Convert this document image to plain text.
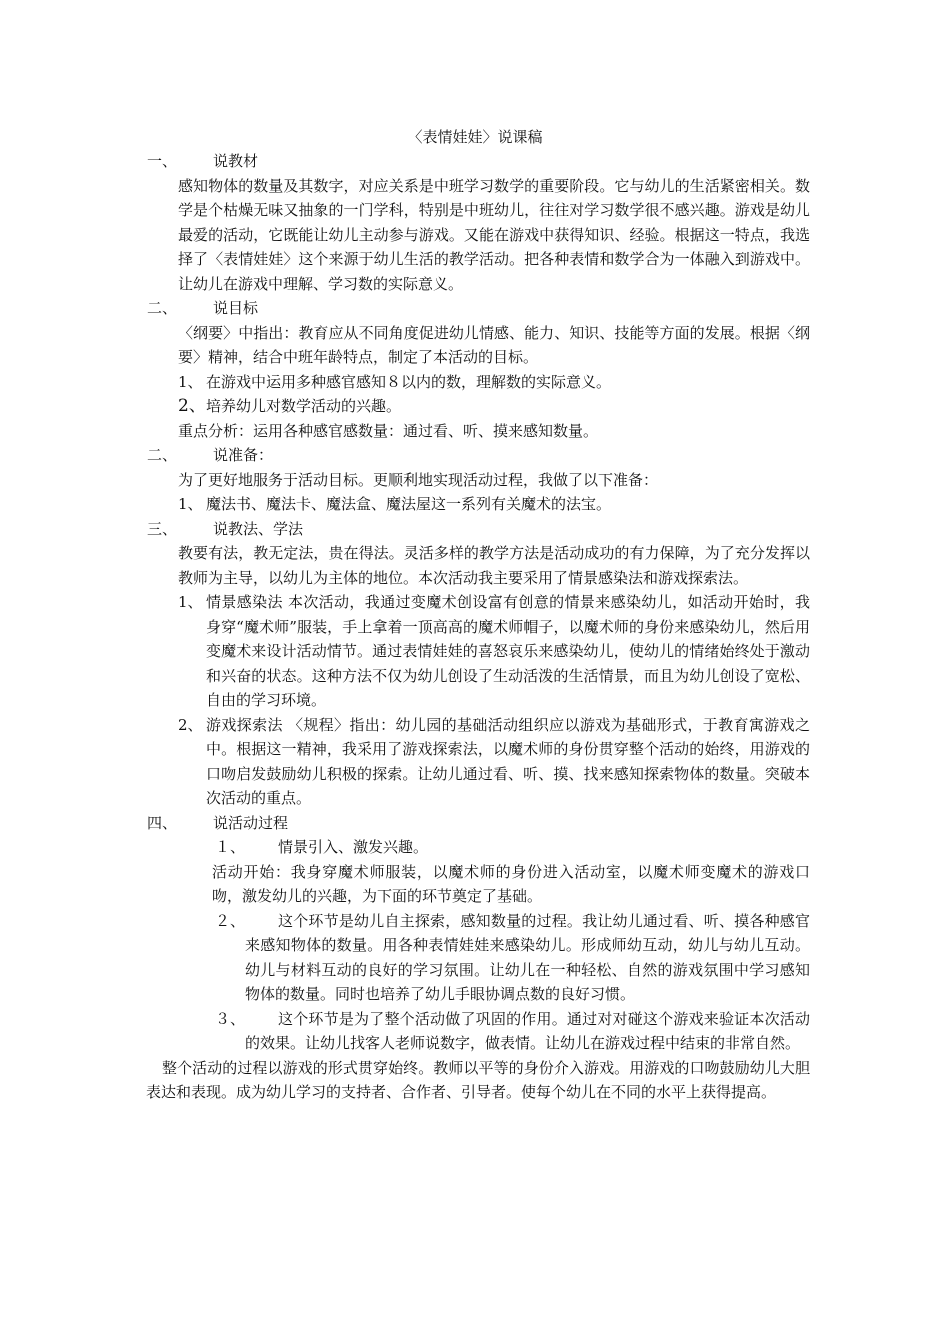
〈表情娃娃〉说课稿
一、 说教材
感知物体的数量及其数字，对应关系是中班学习数学的重要阶段。它与幼儿的生活紧密相关。数学是个枯燥无味又抽象的一门学科，特别是中班幼儿，往往对学习数学很不感兴趣。游戏是幼儿最爱的活动，它既能让幼儿主动参与游戏。又能在游戏中获得知识、经验。根据这一特点，我选择了〈表情娃娃〉这个来源于幼儿生活的教学活动。把各种表情和数学合为一体融入到游戏中。让幼儿在游戏中理解、学习数的实际意义。
二、 说目标
〈纲要〉中指出：教育应从不同角度促进幼儿情感、能力、知识、技能等方面的发展。根据〈纲要〉精神，结合中班年龄特点，制定了本活动的目标。
1、 在游戏中运用多种感官感知８以内的数，理解数的实际意义。
2、 培养幼儿对数学活动的兴趣。
重点分析：运用各种感官感数量：通过看、听、摸来感知数量。
二、 说准备：
为了更好地服务于活动目标。更顺利地实现活动过程，我做了以下准备：
1、 魔法书、魔法卡、魔法盒、魔法屋这一系列有关魔术的法宝。
三、 说教法、学法
教要有法，教无定法，贵在得法。灵活多样的教学方法是活动成功的有力保障，为了充分发挥以教师为主导，以幼儿为主体的地位。本次活动我主要采用了情景感染法和游戏探索法。
1、 情景感染法 本次活动，我通过变魔术创设富有创意的情景来感染幼儿，如活动开始时，我身穿“魔术师”服装，手上拿着一顶高高的魔术师帽子，以魔术师的身份来感染幼儿，然后用变魔术来设计活动情节。通过表情娃娃的喜怒哀乐来感染幼儿，使幼儿的情绪始终处于激动和兴奋的状态。这种方法不仅为幼儿创设了生动活泼的生活情景，而且为幼儿创设了宽松、自由的学习环境。
2、 游戏探索法 〈规程〉指出：幼儿园的基础活动组织应以游戏为基础形式，于教育寓游戏之中。根据这一精神，我采用了游戏探索法，以魔术师的身份贯穿整个活动的始终，用游戏的口吻启发鼓励幼儿积极的探索。让幼儿通过看、听、摸、找来感知探索物体的数量。突破本次活动的重点。
四、 说活动过程
１、 情景引入、激发兴趣。
活动开始：我身穿魔术师服装，以魔术师的身份进入活动室，以魔术师变魔术的游戏口吻，激发幼儿的兴趣，为下面的环节奠定了基础。
２、	这个环节是幼儿自主探索，感知数量的过程。我让幼儿通过看、听、摸各种感官来感知物体的数量。用各种表情娃娃来感染幼儿。形成师幼互动，幼儿与幼儿互动。幼儿与材料互动的良好的学习氛围。让幼儿在一种轻松、自然的游戏氛围中学习感知物体的数量。同时也培养了幼儿手眼协调点数的良好习惯。
３、	这个环节是为了整个活动做了巩固的作用。通过对对碰这个游戏来验证本次活动的效果。让幼儿找客人老师说数字，做表情。让幼儿在游戏过程中结束的非常自然。
整个活动的过程以游戏的形式贯穿始终。教师以平等的身份介入游戏。用游戏的口吻鼓励幼儿大胆表达和表现。成为幼儿学习的支持者、合作者、引导者。使每个幼儿在不同的水平上获得提高。
